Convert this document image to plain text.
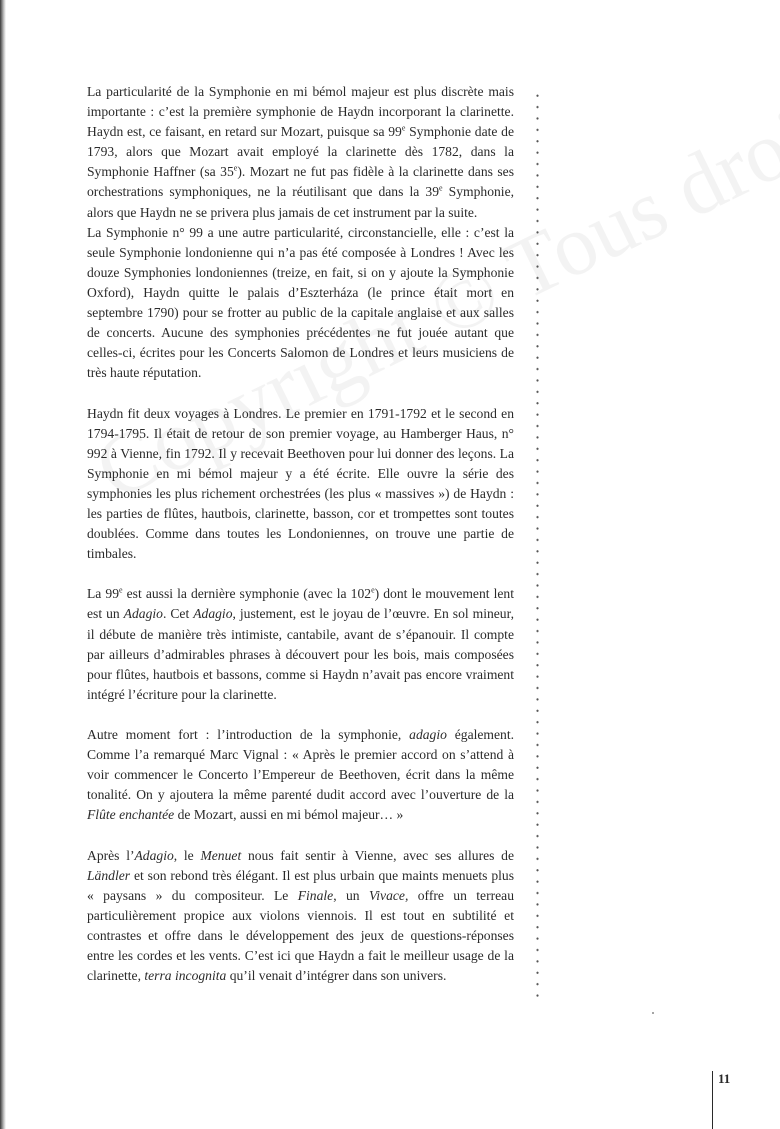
La particularité de la Symphonie en mi bémol majeur est plus discrète mais importante : c’est la première symphonie de Haydn incorporant la clarinette. Haydn est, ce faisant, en retard sur Mozart, puisque sa 99e Symphonie date de 1793, alors que Mozart avait employé la clarinette dès 1782, dans la Symphonie Haffner (sa 35e). Mozart ne fut pas fidèle à la clarinette dans ses orchestrations symphoniques, ne la réutilisant que dans la 39e Symphonie, alors que Haydn ne se privera plus jamais de cet instrument par la suite.

La Symphonie n° 99 a une autre particularité, circonstancielle, elle : c’est la seule Symphonie londonienne qui n’a pas été composée à Londres ! Avec les douze Symphonies londoniennes (treize, en fait, si on y ajoute la Symphonie Oxford), Haydn quitte le palais d’Eszterháza (le prince était mort en septembre 1790) pour se frotter au public de la capitale anglaise et aux salles de concerts. Aucune des symphonies précédentes ne fut jouée autant que celles-ci, écrites pour les Concerts Salomon de Londres et leurs musiciens de très haute réputation.

Haydn fit deux voyages à Londres. Le premier en 1791-1792 et le second en 1794-1795. Il était de retour de son premier voyage, au Hamberger Haus, n° 992 à Vienne, fin 1792. Il y recevait Beethoven pour lui donner des leçons. La Symphonie en mi bémol majeur y a été écrite. Elle ouvre la série des symphonies les plus richement orchestrées (les plus « massives ») de Haydn : les parties de flûtes, hautbois, clarinette, basson, cor et trompettes sont toutes doublées. Comme dans toutes les Londoniennes, on trouve une partie de timbales.

La 99e est aussi la dernière symphonie (avec la 102e) dont le mouvement lent est un Adagio. Cet Adagio, justement, est le joyau de l’œuvre. En sol mineur, il débute de manière très intimiste, cantabile, avant de s’épanouir. Il compte par ailleurs d’admirables phrases à découvert pour les bois, mais composées pour flûtes, hautbois et bassons, comme si Haydn n’avait pas encore vraiment intégré l’écriture pour la clarinette.

Autre moment fort : l’introduction de la symphonie, adagio également. Comme l’a remarqué Marc Vignal : « Après le premier accord on s’attend à voir commencer le Concerto l’Empereur de Beethoven, écrit dans la même tonalité. On y ajoutera la même parenté dudit accord avec l’ouverture de la Flûte enchantée de Mozart, aussi en mi bémol majeur… »

Après l’Adagio, le Menuet nous fait sentir à Vienne, avec ses allures de Ländler et son rebond très élégant. Il est plus urbain que maints menuets plus « paysans » du compositeur. Le Finale, un Vivace, offre un terreau particulièrement propice aux violons viennois. Il est tout en subtilité et contrastes et offre dans le développement des jeux de questions-réponses entre les cordes et les vents. C’est ici que Haydn a fait le meilleur usage de la clarinette, terra incognita qu’il venait d’intégrer dans son univers.

11
